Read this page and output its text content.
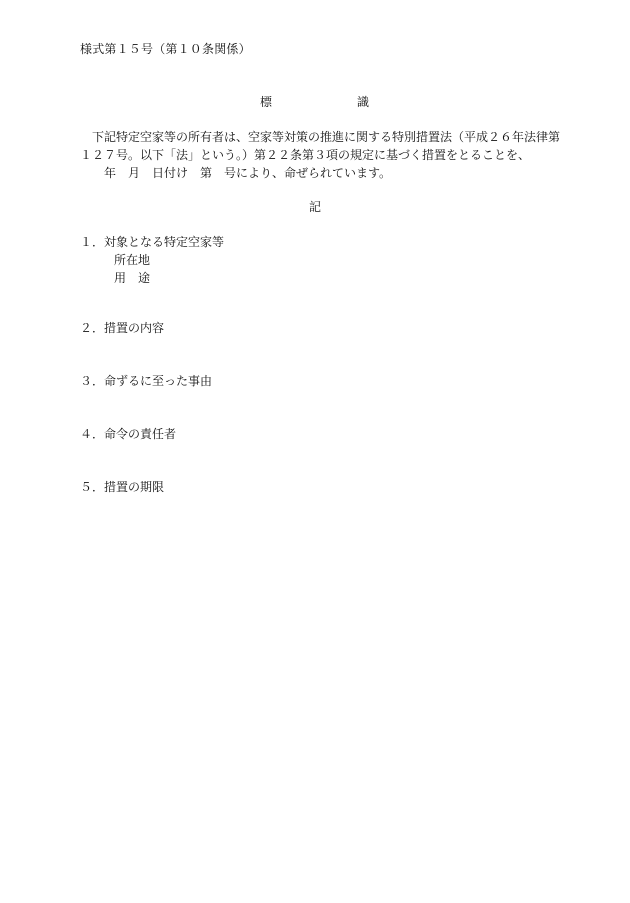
様式第１５号（第１０条関係）
標	識
下記特定空家等の所有者は、空家等対策の推進に関する特別措置法（平成２６年法律第
１２７号。以下「法」という。）第２２条第３項の規定に基づく措置をとることを、
年　月　日付け　第　号により、命ぜられています。
記
１．対象となる特定空家等
所在地
用　途
２．措置の内容
３．命ずるに至った事由
４．命令の責任者
５．措置の期限
